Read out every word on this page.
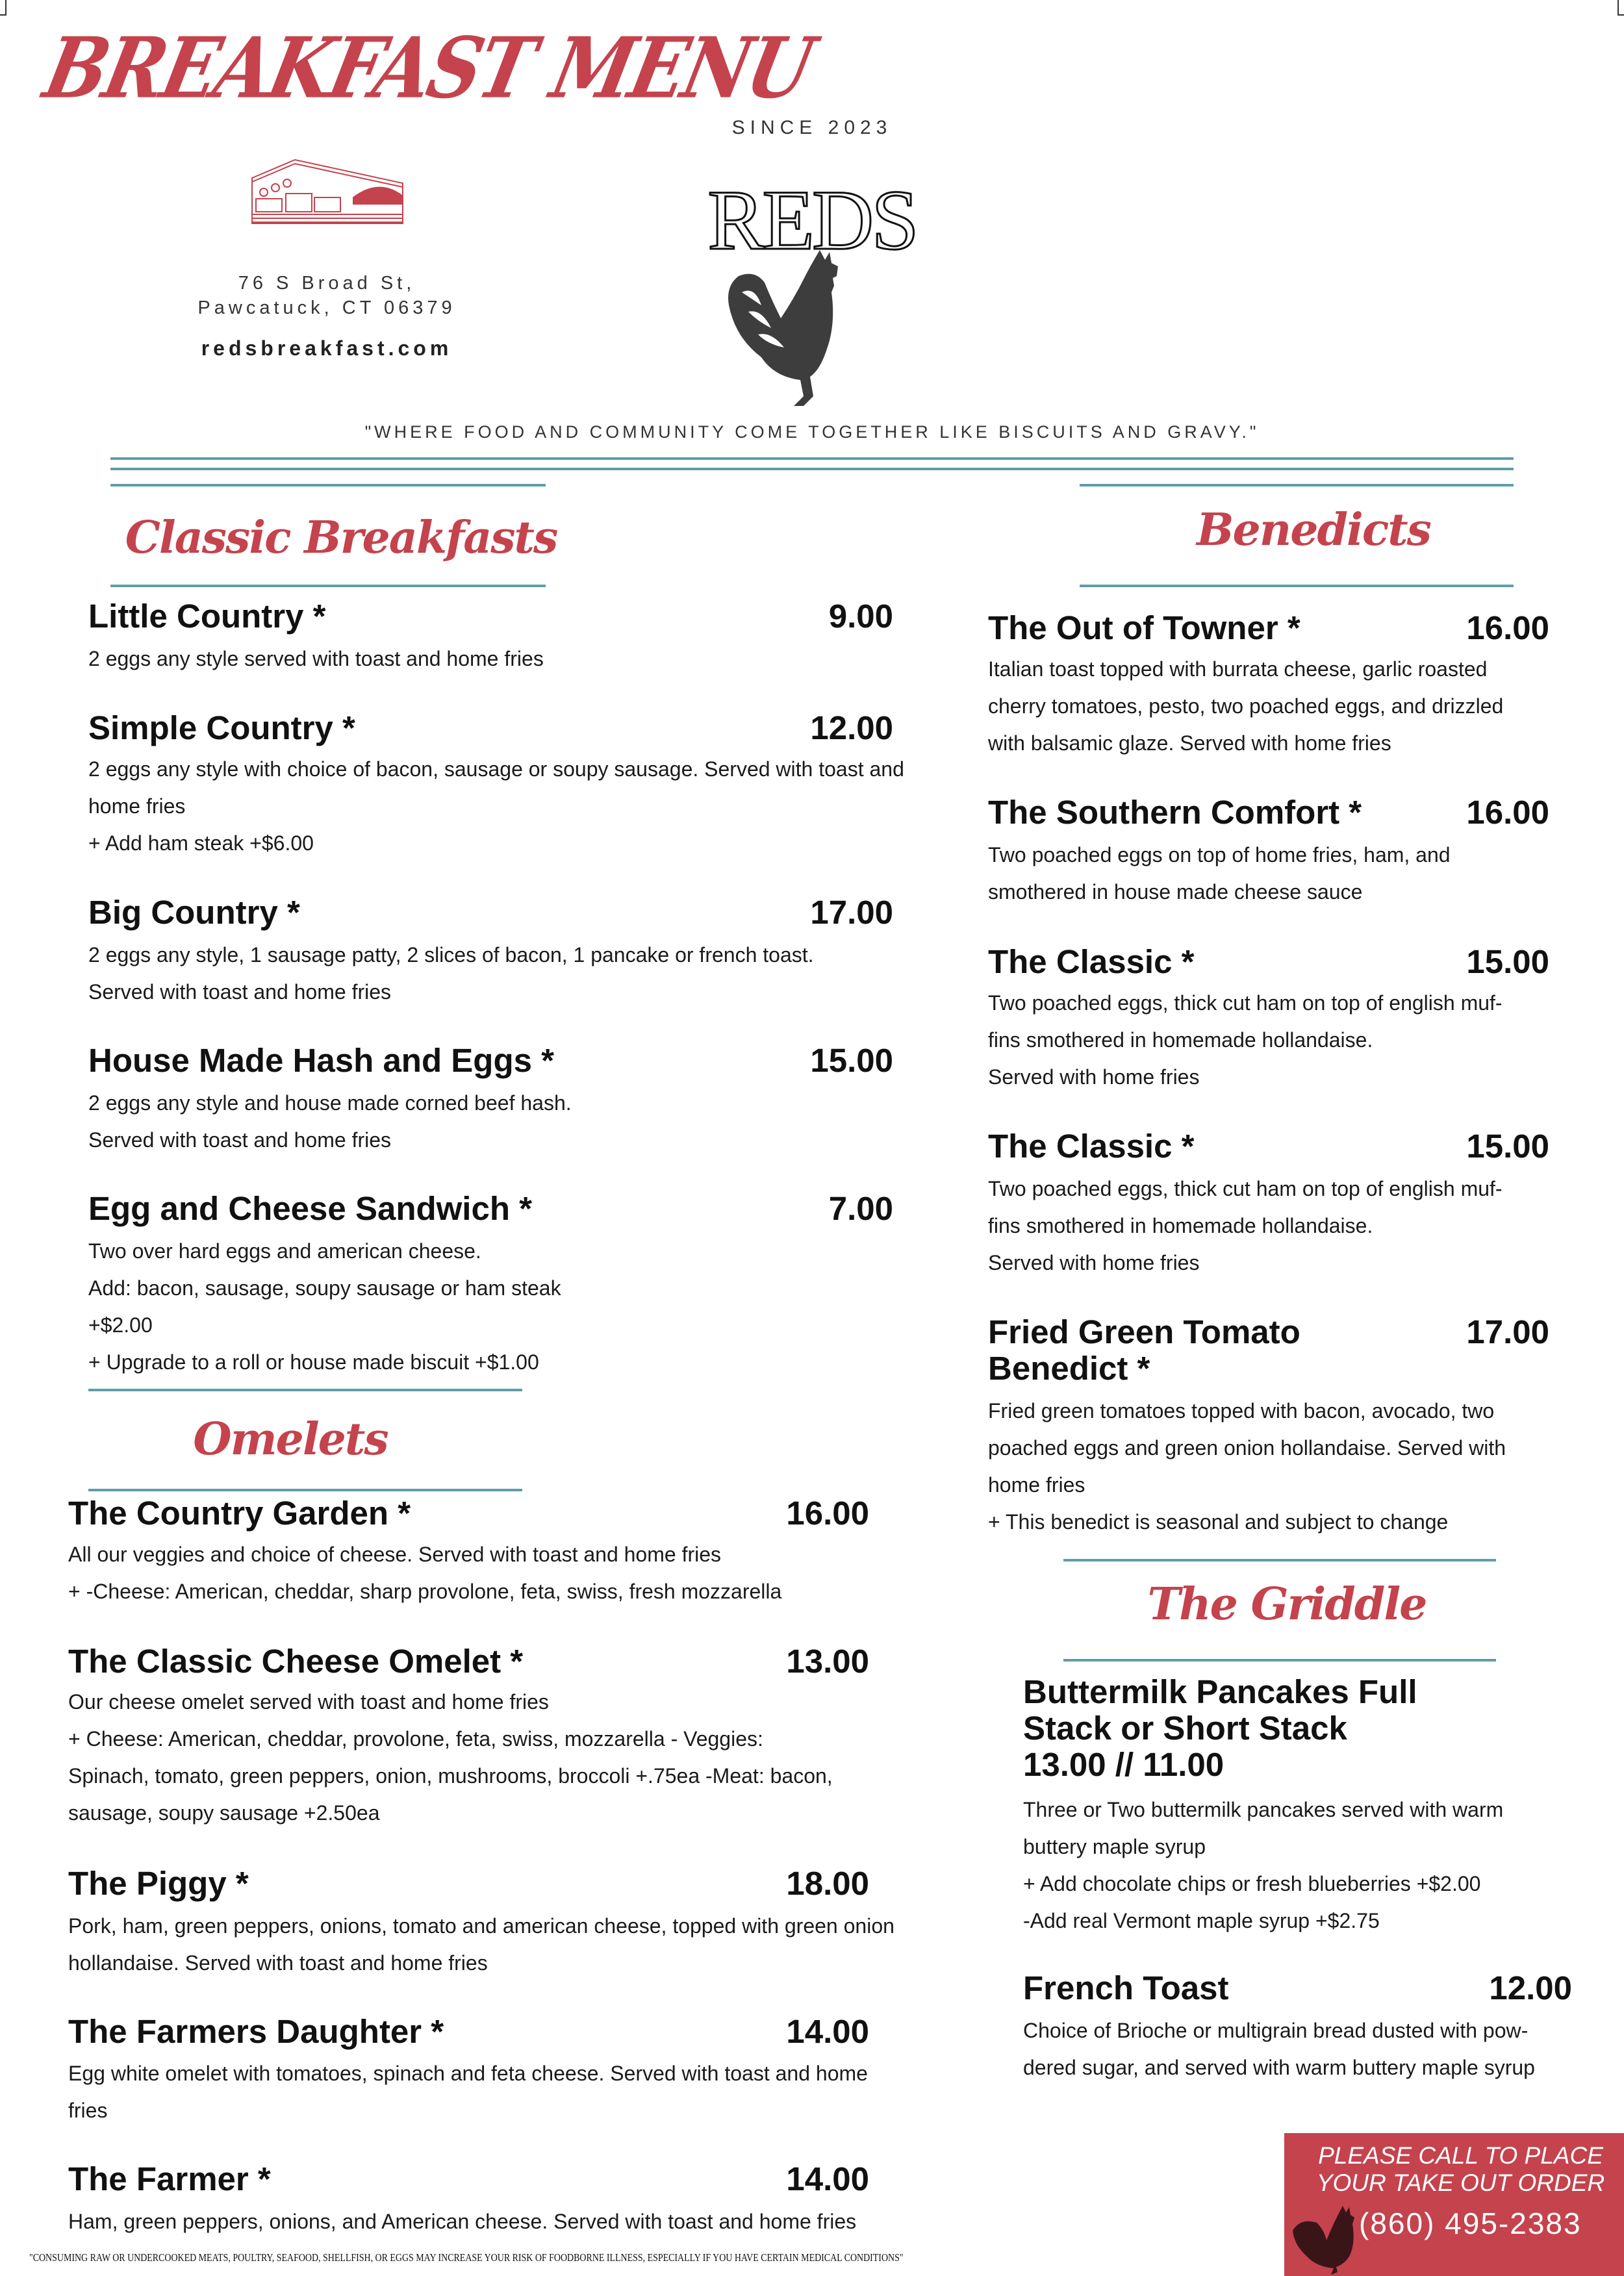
BREAKFAST MENU
76 S Broad St,
Pawcatuck, CT 06379
redsbreakfast.com
SINCE 2023
REDS
"WHERE FOOD AND COMMUNITY COME TOGETHER LIKE BISCUITS AND GRAVY."
Classic Breakfasts
Omelets
Benedicts
The Griddle
Little Country *	9.00
2 eggs any style served with toast and home fries
Simple Country *	12.00
2 eggs any style with choice of bacon, sausage or soupy sausage. Served with toast and
home fries
+ Add ham steak +$6.00
Big Country *	17.00
2 eggs any style, 1 sausage patty, 2 slices of bacon, 1 pancake or french toast.
Served with toast and home fries
House Made Hash and Eggs *	15.00
2 eggs any style and house made corned beef hash.
Served with toast and home fries
Egg and Cheese Sandwich *	7.00
Two over hard eggs and american cheese.
Add: bacon, sausage, soupy sausage or ham steak
+$2.00
+ Upgrade to a roll or house made biscuit +$1.00
The Country Garden *	16.00
All our veggies and choice of cheese. Served with toast and home fries
+ -Cheese: American, cheddar, sharp provolone, feta, swiss, fresh mozzarella
The Classic Cheese Omelet *	13.00
Our cheese omelet served with toast and home fries
+ Cheese: American, cheddar, provolone, feta, swiss, mozzarella - Veggies:
Spinach, tomato, green peppers, onion, mushrooms, broccoli +.75ea -Meat: bacon,
sausage, soupy sausage +2.50ea
The Piggy *	18.00
Pork, ham, green peppers, onions, tomato and american cheese, topped with green onion
hollandaise. Served with toast and home fries
The Farmers Daughter *	14.00
Egg white omelet with tomatoes, spinach and feta cheese. Served with toast and home
fries
The Farmer *	14.00
Ham, green peppers, onions, and American cheese. Served with toast and home fries
The Out of Towner *	16.00
Italian toast topped with burrata cheese, garlic roasted
cherry tomatoes, pesto, two poached eggs, and drizzled
with balsamic glaze. Served with home fries
The Southern Comfort *	16.00
Two poached eggs on top of home fries, ham, and
smothered in house made cheese sauce
The Classic *	15.00
Two poached eggs, thick cut ham on top of english muf-
fins smothered in homemade hollandaise.
Served with home fries
The Classic *	15.00
Two poached eggs, thick cut ham on top of english muf-
fins smothered in homemade hollandaise.
Served with home fries
Fried Green Tomato
Benedict *
17.00
Fried green tomatoes topped with bacon, avocado, two
poached eggs and green onion hollandaise. Served with
home fries
+ This benedict is seasonal and subject to change
Buttermilk Pancakes Full
Stack or Short Stack
13.00 // 11.00
Three or Two buttermilk pancakes served with warm
buttery maple syrup
+ Add chocolate chips or fresh blueberries +$2.00
-Add real Vermont maple syrup +$2.75
French Toast	12.00
Choice of Brioche or multigrain bread dusted with pow-
dered sugar, and served with warm buttery maple syrup
PLEASE CALL TO PLACE YOUR TAKE OUT ORDER
(860) 495-2383
"CONSUMING RAW OR UNDERCOOKED MEATS, POULTRY, SEAFOOD, SHELLFISH, OR EGGS MAY INCREASE YOUR RISK OF FOODBORNE ILLNESS, ESPECIALLY IF YOU HAVE CERTAIN MEDICAL CONDITIONS"
